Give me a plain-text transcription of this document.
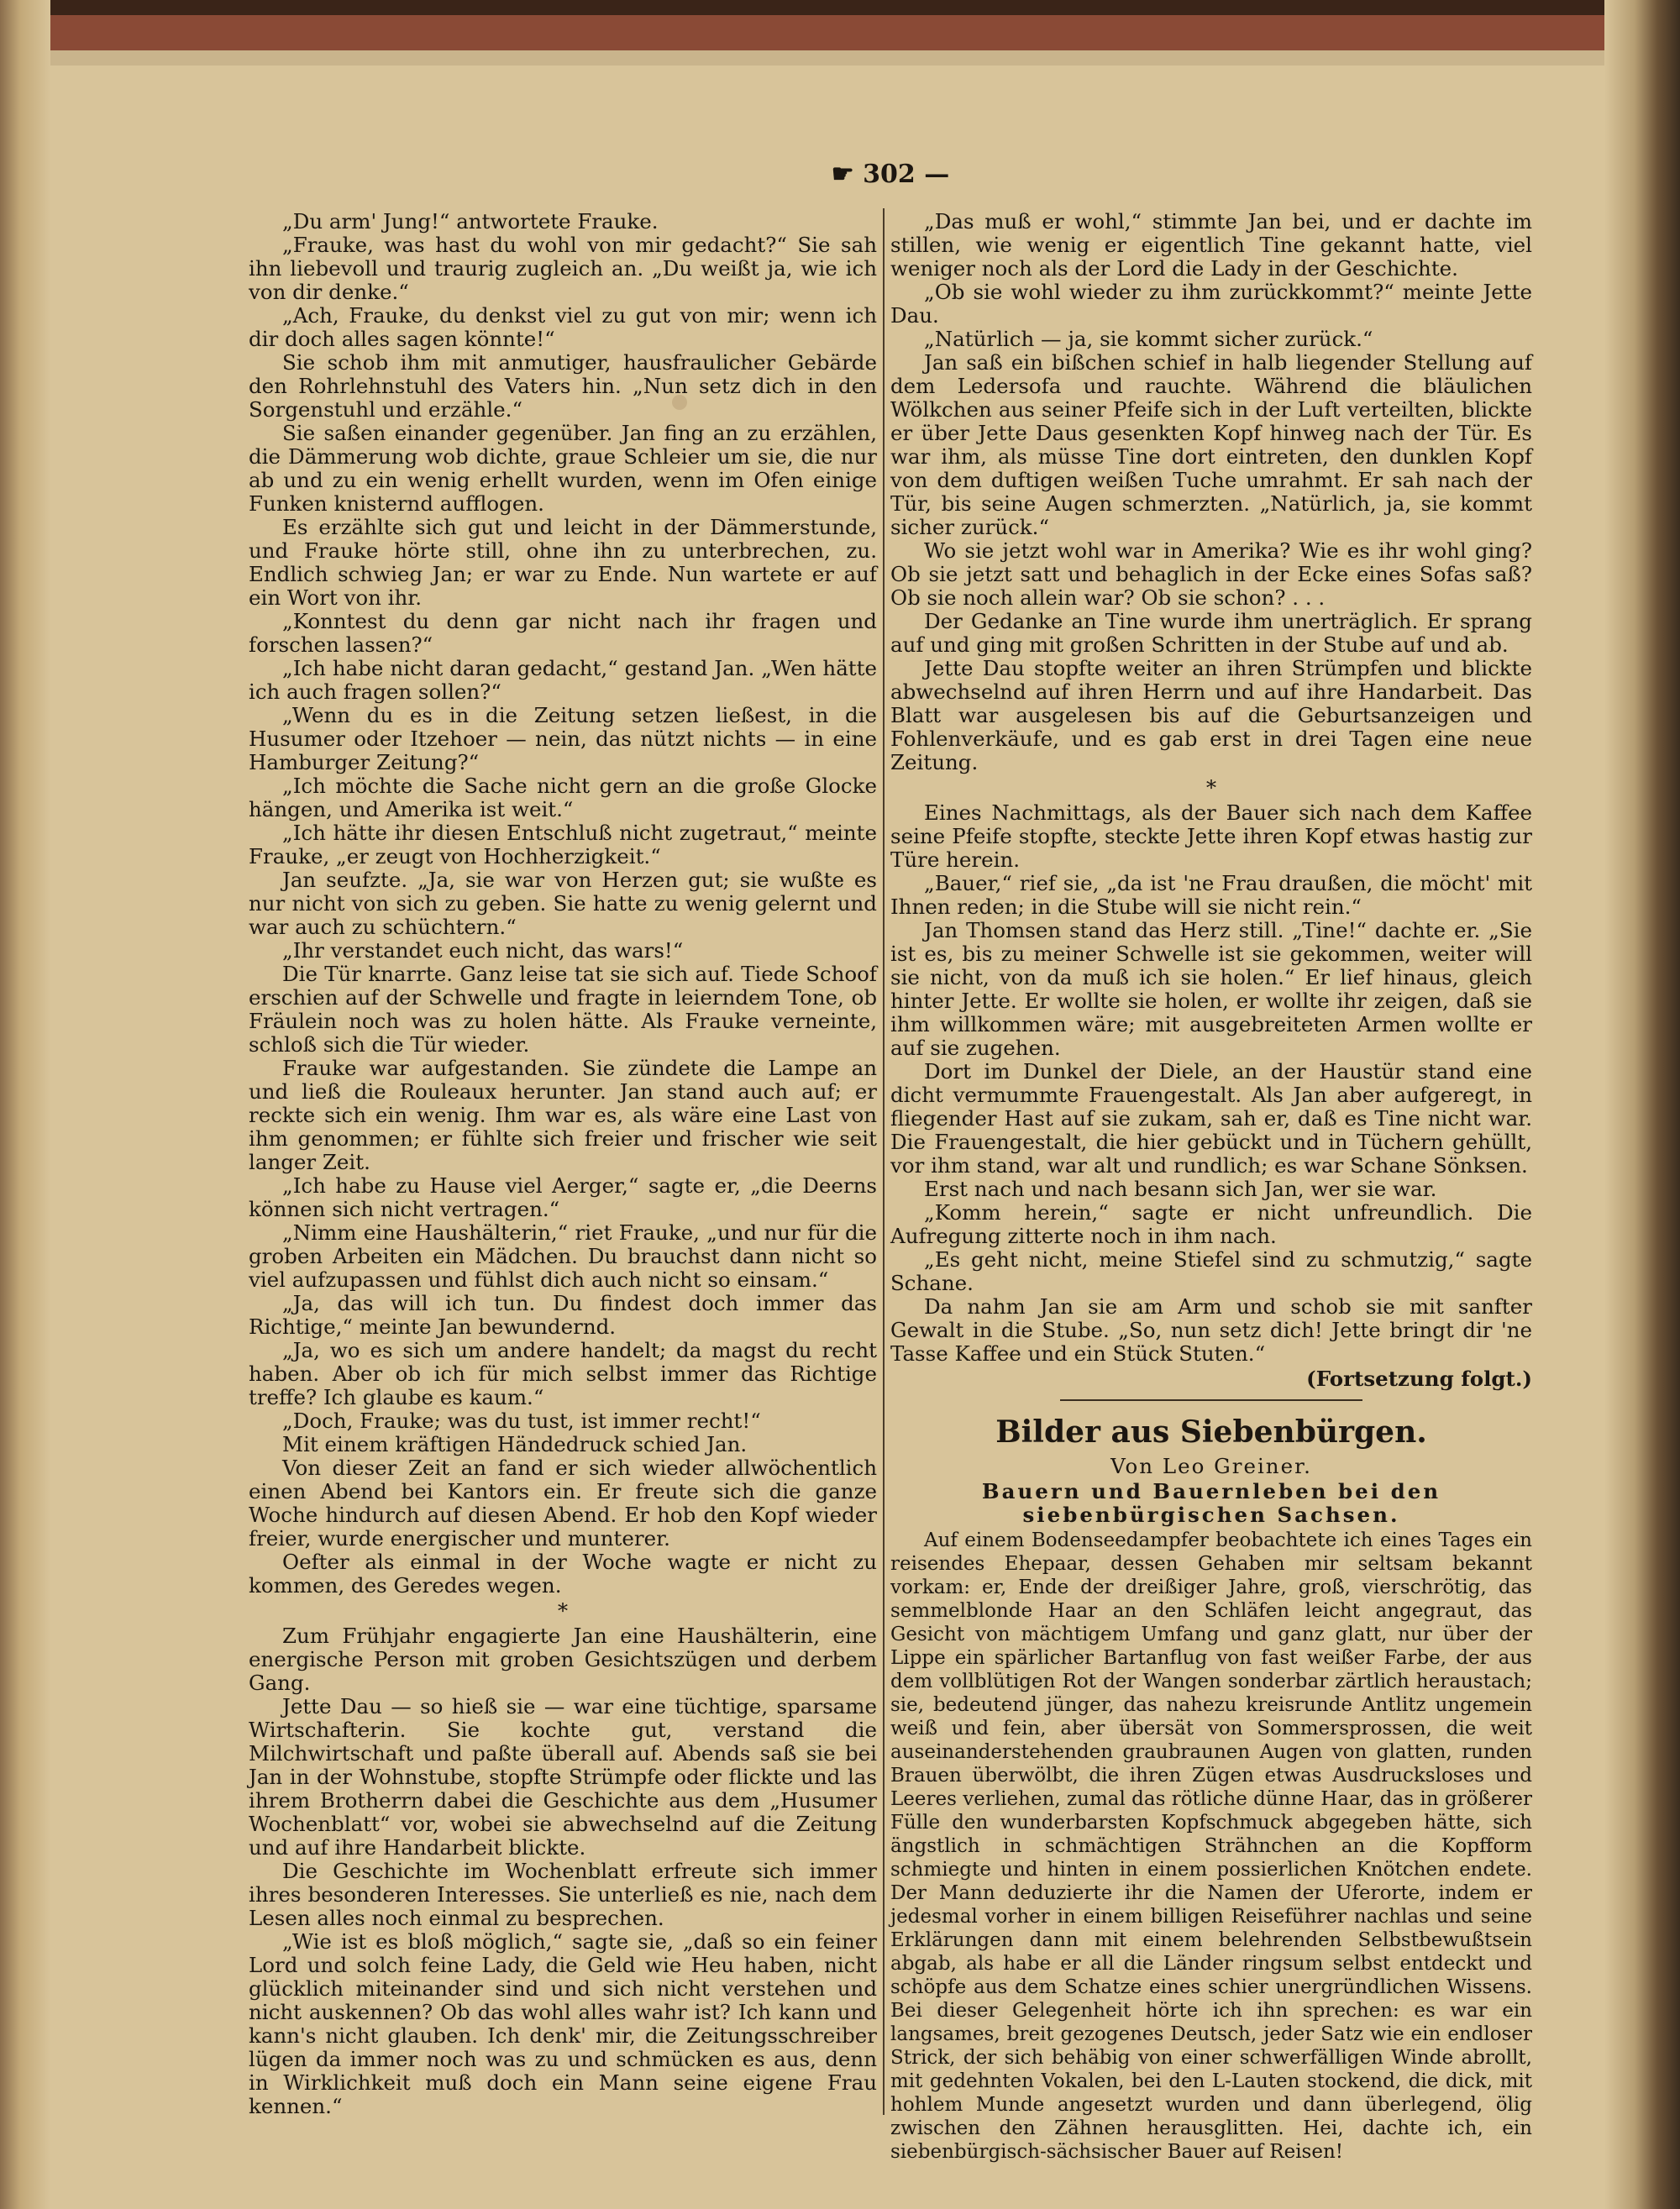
☛ 302 —

„Du arm' Jung!“ antwortete Frauke.

„Frauke, was hast du wohl von mir gedacht?“ Sie sah ihn liebevoll und traurig zugleich an. „Du weißt ja, wie ich von dir denke.“

„Ach, Frauke, du denkst viel zu gut von mir; wenn ich dir doch alles sagen könnte!“

Sie schob ihm mit anmutiger, hausfraulicher Gebärde den Rohrlehnstuhl des Vaters hin. „Nun setz dich in den Sorgenstuhl und erzähle.“

Sie saßen einander gegenüber. Jan fing an zu erzählen, die Dämmerung wob dichte, graue Schleier um sie, die nur ab und zu ein wenig erhellt wurden, wenn im Ofen einige Funken knisternd aufflogen.

Es erzählte sich gut und leicht in der Dämmerstunde, und Frauke hörte still, ohne ihn zu unterbrechen, zu. Endlich schwieg Jan; er war zu Ende. Nun wartete er auf ein Wort von ihr.

„Konntest du denn gar nicht nach ihr fragen und forschen lassen?“

„Ich habe nicht daran gedacht,“ gestand Jan. „Wen hätte ich auch fragen sollen?“

„Wenn du es in die Zeitung setzen ließest, in die Husumer oder Itzehoer — nein, das nützt nichts — in eine Hamburger Zeitung?“

„Ich möchte die Sache nicht gern an die große Glocke hängen, und Amerika ist weit.“

„Ich hätte ihr diesen Entschluß nicht zugetraut,“ meinte Frauke, „er zeugt von Hochherzigkeit.“

Jan seufzte. „Ja, sie war von Herzen gut; sie wußte es nur nicht von sich zu geben. Sie hatte zu wenig gelernt und war auch zu schüchtern.“

„Ihr verstandet euch nicht, das wars!“

Die Tür knarrte. Ganz leise tat sie sich auf. Tiede Schoof erschien auf der Schwelle und fragte in leierndem Tone, ob Fräulein noch was zu holen hätte. Als Frauke verneinte, schloß sich die Tür wieder.

Frauke war aufgestanden. Sie zündete die Lampe an und ließ die Rouleaux herunter. Jan stand auch auf; er reckte sich ein wenig. Ihm war es, als wäre eine Last von ihm genommen; er fühlte sich freier und frischer wie seit langer Zeit.

„Ich habe zu Hause viel Aerger,“ sagte er, „die Deerns können sich nicht vertragen.“

„Nimm eine Haushälterin,“ riet Frauke, „und nur für die groben Arbeiten ein Mädchen. Du brauchst dann nicht so viel aufzupassen und fühlst dich auch nicht so einsam.“

„Ja, das will ich tun. Du findest doch immer das Richtige,“ meinte Jan bewundernd.

„Ja, wo es sich um andere handelt; da magst du recht haben. Aber ob ich für mich selbst immer das Richtige treffe? Ich glaube es kaum.“

„Doch, Frauke; was du tust, ist immer recht!“

Mit einem kräftigen Händedruck schied Jan.

Von dieser Zeit an fand er sich wieder allwöchentlich einen Abend bei Kantors ein. Er freute sich die ganze Woche hindurch auf diesen Abend. Er hob den Kopf wieder freier, wurde energischer und munterer.

Oefter als einmal in der Woche wagte er nicht zu kommen, des Geredes wegen.

*

Zum Frühjahr engagierte Jan eine Haushälterin, eine energische Person mit groben Gesichtszügen und derbem Gang.

Jette Dau — so hieß sie — war eine tüchtige, sparsame Wirtschafterin. Sie kochte gut, verstand die Milchwirtschaft und paßte überall auf. Abends saß sie bei Jan in der Wohnstube, stopfte Strümpfe oder flickte und las ihrem Brotherrn dabei die Geschichte aus dem „Husumer Wochenblatt“ vor, wobei sie abwechselnd auf die Zeitung und auf ihre Handarbeit blickte.

Die Geschichte im Wochenblatt erfreute sich immer ihres besonderen Interesses. Sie unterließ es nie, nach dem Lesen alles noch einmal zu besprechen.

„Wie ist es bloß möglich,“ sagte sie, „daß so ein feiner Lord und solch feine Lady, die Geld wie Heu haben, nicht glücklich miteinander sind und sich nicht verstehen und nicht auskennen? Ob das wohl alles wahr ist? Ich kann und kann's nicht glauben. Ich denk' mir, die Zeitungsschreiber lügen da immer noch was zu und schmücken es aus, denn in Wirklichkeit muß doch ein Mann seine eigene Frau kennen.“

„Das muß er wohl,“ stimmte Jan bei, und er dachte im stillen, wie wenig er eigentlich Tine gekannt hatte, viel weniger noch als der Lord die Lady in der Geschichte.

„Ob sie wohl wieder zu ihm zurückkommt?“ meinte Jette Dau.

„Natürlich — ja, sie kommt sicher zurück.“

Jan saß ein bißchen schief in halb liegender Stellung auf dem Ledersofa und rauchte. Während die bläulichen Wölkchen aus seiner Pfeife sich in der Luft verteilten, blickte er über Jette Daus gesenkten Kopf hinweg nach der Tür. Es war ihm, als müsse Tine dort eintreten, den dunklen Kopf von dem duftigen weißen Tuche umrahmt. Er sah nach der Tür, bis seine Augen schmerzten. „Natürlich, ja, sie kommt sicher zurück.“

Wo sie jetzt wohl war in Amerika? Wie es ihr wohl ging? Ob sie jetzt satt und behaglich in der Ecke eines Sofas saß? Ob sie noch allein war? Ob sie schon? . . .

Der Gedanke an Tine wurde ihm unerträglich. Er sprang auf und ging mit großen Schritten in der Stube auf und ab.

Jette Dau stopfte weiter an ihren Strümpfen und blickte abwechselnd auf ihren Herrn und auf ihre Handarbeit. Das Blatt war ausgelesen bis auf die Geburtsanzeigen und Fohlenverkäufe, und es gab erst in drei Tagen eine neue Zeitung.

*

Eines Nachmittags, als der Bauer sich nach dem Kaffee seine Pfeife stopfte, steckte Jette ihren Kopf etwas hastig zur Türe herein.

„Bauer,“ rief sie, „da ist 'ne Frau draußen, die möcht' mit Ihnen reden; in die Stube will sie nicht rein.“

Jan Thomsen stand das Herz still. „Tine!“ dachte er. „Sie ist es, bis zu meiner Schwelle ist sie gekommen, weiter will sie nicht, von da muß ich sie holen.“ Er lief hinaus, gleich hinter Jette. Er wollte sie holen, er wollte ihr zeigen, daß sie ihm willkommen wäre; mit ausgebreiteten Armen wollte er auf sie zugehen.

Dort im Dunkel der Diele, an der Haustür stand eine dicht vermummte Frauengestalt. Als Jan aber aufgeregt, in fliegender Hast auf sie zukam, sah er, daß es Tine nicht war. Die Frauengestalt, die hier gebückt und in Tüchern gehüllt, vor ihm stand, war alt und rundlich; es war Schane Sönksen.

Erst nach und nach besann sich Jan, wer sie war.

„Komm herein,“ sagte er nicht unfreundlich. Die Aufregung zitterte noch in ihm nach.

„Es geht nicht, meine Stiefel sind zu schmutzig,“ sagte Schane.

Da nahm Jan sie am Arm und schob sie mit sanfter Gewalt in die Stube. „So, nun setz dich! Jette bringt dir 'ne Tasse Kaffee und ein Stück Stuten.“

(Fortsetzung folgt.)
Bilder aus Siebenbürgen.
Von Leo Greiner.
Bauern und Bauernleben bei den siebenbürgischen Sachsen.

Auf einem Bodenseedampfer beobachtete ich eines Tages ein reisendes Ehepaar, dessen Gehaben mir seltsam bekannt vorkam: er, Ende der dreißiger Jahre, groß, vierschrötig, das semmelblonde Haar an den Schläfen leicht angegraut, das Gesicht von mächtigem Umfang und ganz glatt, nur über der Lippe ein spärlicher Bartanflug von fast weißer Farbe, der aus dem vollblütigen Rot der Wangen sonderbar zärtlich heraustach; sie, bedeutend jünger, das nahezu kreisrunde Antlitz ungemein weiß und fein, aber übersät von Sommersprossen, die weit auseinanderstehenden graubraunen Augen von glatten, runden Brauen überwölbt, die ihren Zügen etwas Ausdrucksloses und Leeres verliehen, zumal das rötliche dünne Haar, das in größerer Fülle den wunderbarsten Kopfschmuck abgegeben hätte, sich ängstlich in schmächtigen Strähnchen an die Kopfform schmiegte und hinten in einem possierlichen Knötchen endete. Der Mann deduzierte ihr die Namen der Uferorte, indem er jedesmal vorher in einem billigen Reiseführer nachlas und seine Erklärungen dann mit einem belehrenden Selbstbewußtsein abgab, als habe er all die Länder ringsum selbst entdeckt und schöpfe aus dem Schatze eines schier unergründlichen Wissens. Bei dieser Gelegenheit hörte ich ihn sprechen: es war ein langsames, breit gezogenes Deutsch, jeder Satz wie ein endloser Strick, der sich behäbig von einer schwerfälligen Winde abrollt, mit gedehnten Vokalen, bei den L-Lauten stockend, die dick, mit hohlem Munde angesetzt wurden und dann überlegend, ölig zwischen den Zähnen herausglitten. Hei, dachte ich, ein siebenbürgisch-sächsischer Bauer auf Reisen!
